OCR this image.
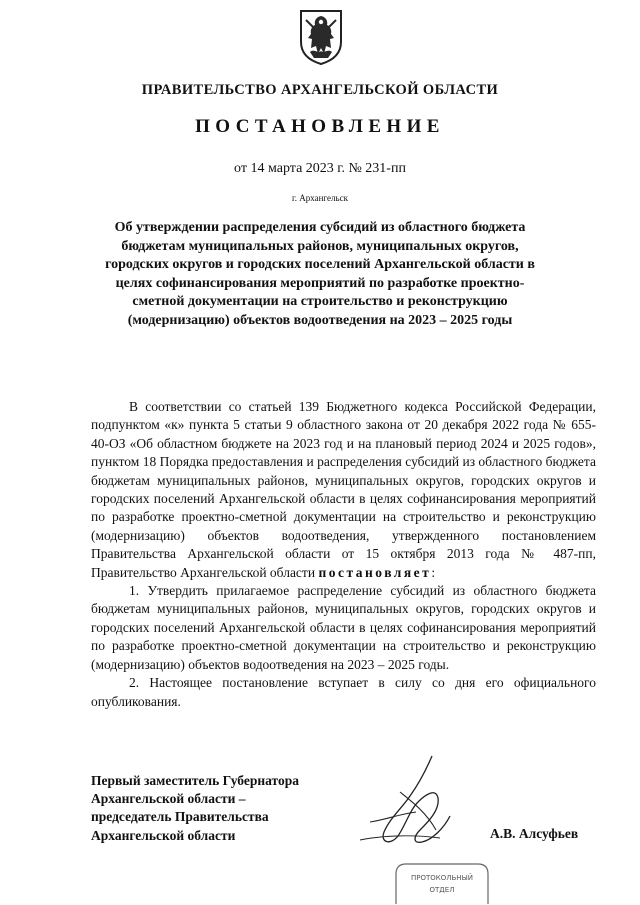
ПРАВИТЕЛЬСТВО АРХАНГЕЛЬСКОЙ ОБЛАСТИ
ПОСТАНОВЛЕНИЕ
от 14 марта 2023 г. № 231-пп
г. Архангельск
Об утверждении распределения субсидий из областного бюджета бюджетам муниципальных районов, муниципальных округов, городских округов и городских поселений Архангельской области в целях софинансирования мероприятий по разработке проектно-сметной документации на строительство и реконструкцию (модернизацию) объектов водоотведения на 2023 – 2025 годы

В соответствии со статьей 139 Бюджетного кодекса Российской Федерации, подпунктом «к» пункта 5 статьи 9 областного закона от 20 декабря 2022 года № 655-40-ОЗ «Об областном бюджете на 2023 год и на плановый период 2024 и 2025 годов», пунктом 18 Порядка предоставления и распределения субсидий из областного бюджета бюджетам муниципальных районов, муниципальных округов, городских округов и городских поселений Архангельской области в целях софинансирования мероприятий по разработке проектно-сметной документации на строительство и реконструкцию (модернизацию) объектов водоотведения, утвержденного постановлением Правительства Архангельской области от 15 октября 2013 года № 487-пп, Правительство Архангельской области постановляет:

1. Утвердить прилагаемое распределение субсидий из областного бюджета бюджетам муниципальных районов, муниципальных округов, городских округов и городских поселений Архангельской области в целях софинансирования мероприятий по разработке проектно-сметной документации на строительство и реконструкцию (модернизацию) объектов водоотведения на 2023 – 2025 годы.

2. Настоящее постановление вступает в силу со дня его официального опубликования.

Первый заместитель Губернатора
Архангельской области –
председатель Правительства
Архангельской области	А.В. Алсуфьев
ПРОТОКОЛЬНЫЙ
ОТДЕЛ
